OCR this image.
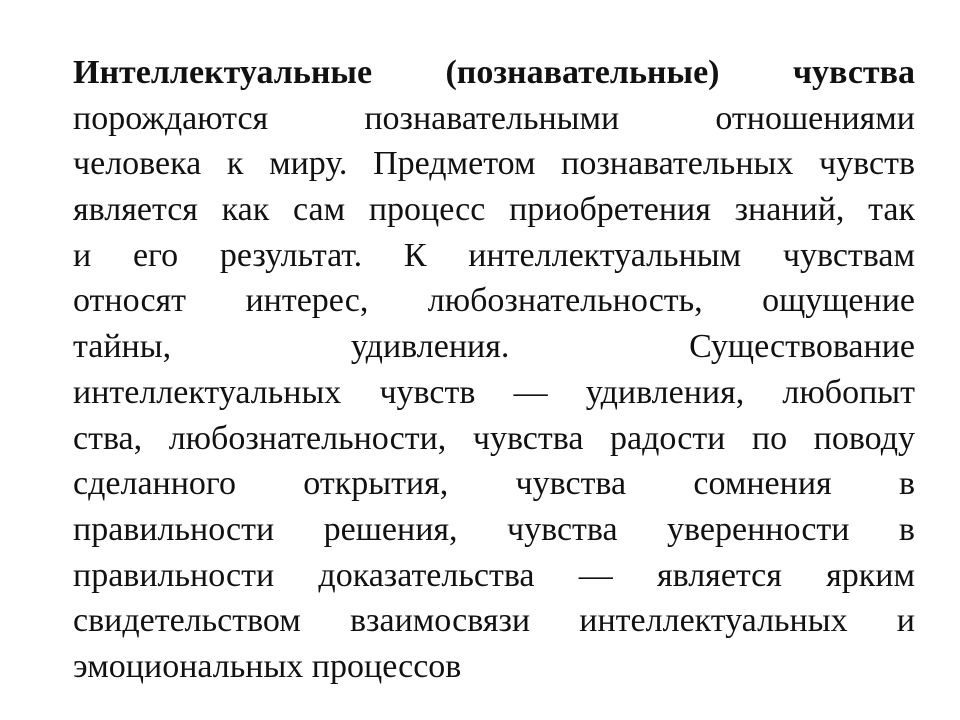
Интеллектуальные (познавательные) чувства
порождаются познавательными отношениями
человека к миру. Предметом познавательных чувств
является как сам процесс приобретения знаний, так
и его результат. К интеллектуальным чувствам
относят интерес, любознательность, ощущение
тайны, удивления. Существование
интеллектуальных чувств — удивления, любопыт
ства, любознательности, чувства радости по поводу
сделанного открытия, чувства сомнения в
правильности решения, чувства уверенности в
правильности доказательства — является ярким
свидетельством взаимосвязи интеллектуальных и
эмоциональных процессов
